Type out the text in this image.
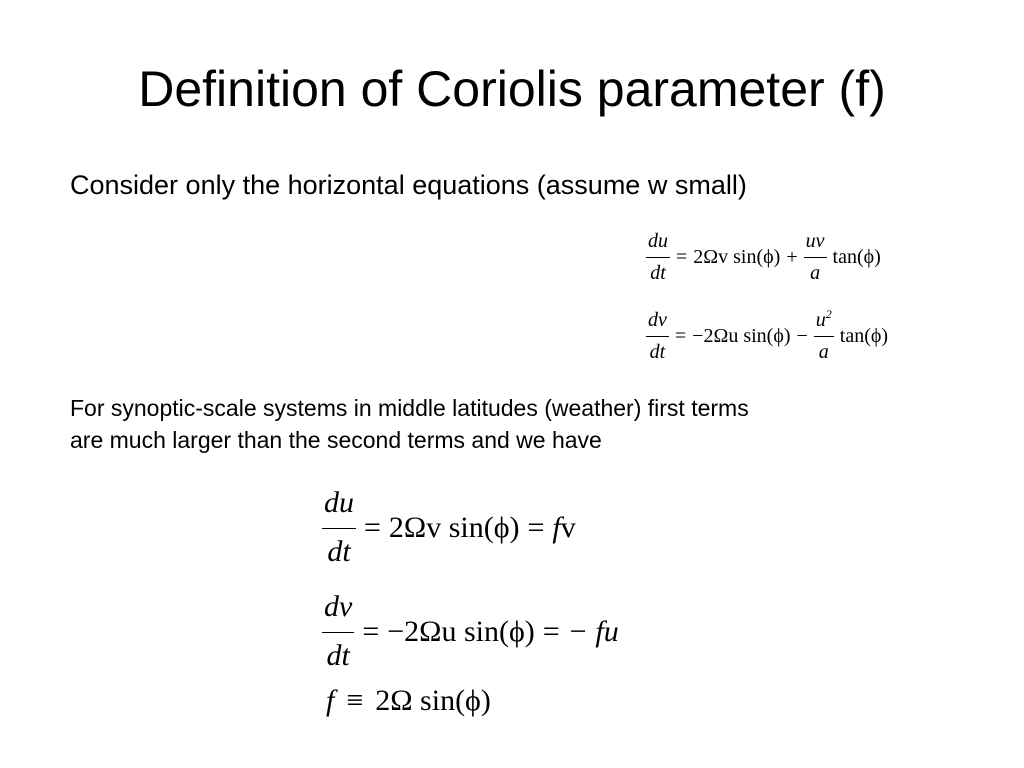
Definition of Coriolis parameter (f)
Consider only the horizontal equations (assume w small)
$\frac{du}{dt} = 2\Omega v$ $\sin(\phi) + \frac{uv}{a} \tan(\phi)$
$\frac{dv}{dt} = -2\Omega u$ $\sin(\phi) - \frac{u^2}{a} \tan(\phi)$
For synoptic-scale systems in middle latitudes (weather) first terms
are much larger than the second terms and we have
$\frac{du}{dt} = 2\Omega v$ sin(ϕ) = f v
$\frac{dv}{dt} = -2\Omega u$ sin(ϕ) = − fu
f ≡ 2Ω sin(ϕ)
